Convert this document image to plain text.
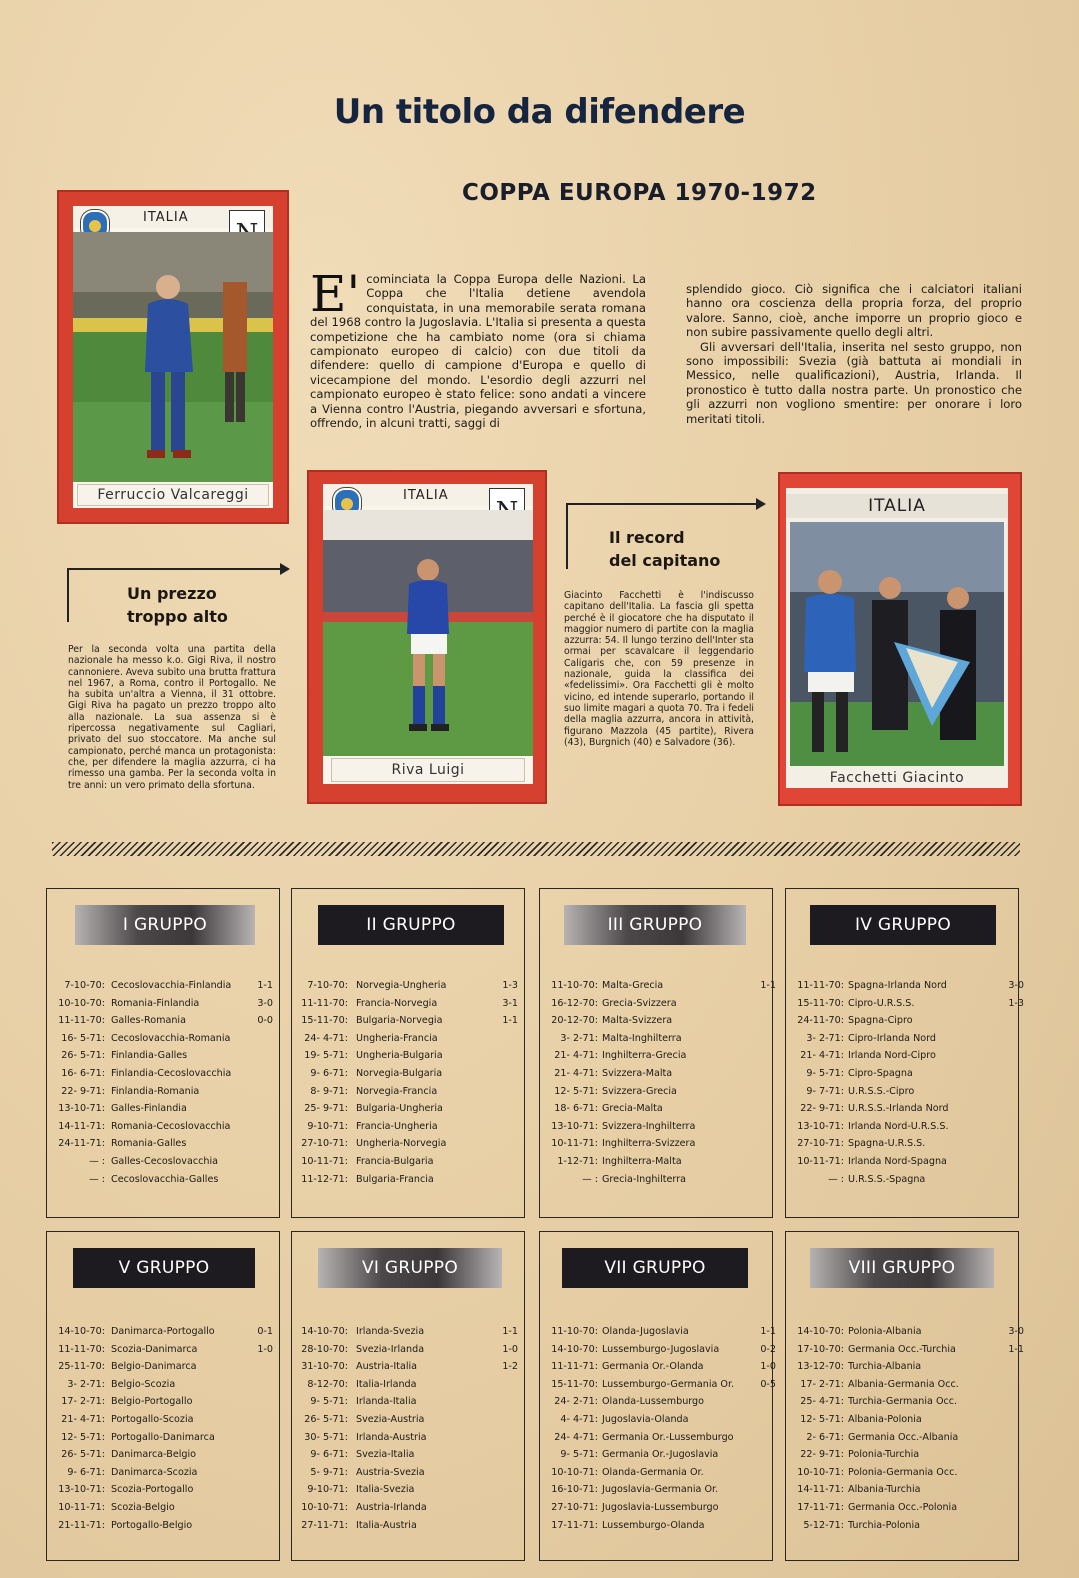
Un titolo da difendere
COPPA EUROPA 1970-1972
ITALIA
Ferruccio Valcareggi
E' cominciata la Coppa Europa delle Nazioni. La Coppa che l'Italia detiene avendola conquistata, in una memorabile serata romana del 1968 contro la Jugoslavia. L'Italia si presenta a questa competizione che ha cambiato nome (ora si chiama campionato europeo di calcio) con due titoli da difendere: quello di campione d'Europa e quello di vicecampione del mondo. L'esordio degli azzurri nel campionato europeo è stato felice: sono andati a vincere a Vienna contro l'Austria, piegando avversari e sfortuna, offrendo, in alcuni tratti, saggi di
splendido gioco. Ciò significa che i calciatori italiani hanno ora coscienza della propria forza, del proprio valore. Sanno, cioè, anche imporre un proprio gioco e non subire passivamente quello degli altri.
Gli avversari dell'Italia, inserita nel sesto gruppo, non sono impossibili: Svezia (già battuta ai mondiali in Messico, nelle qualificazioni), Austria, Irlanda. Il pronostico è tutto dalla nostra parte. Un pronostico che gli azzurri non vogliono smentire: per onorare i loro meritati titoli.
ITALIA
Riva Luigi
ITALIA
Facchetti Giacinto
Un prezzo
troppo alto
Per la seconda volta una partita della nazionale ha messo k.o. Gigi Riva, il nostro cannoniere. Aveva subito una brutta frattura nel 1967, a Roma, contro il Portogallo. Ne ha subita un'altra a Vienna, il 31 ottobre. Gigi Riva ha pagato un prezzo troppo alto alla nazionale. La sua assenza si è ripercossa negativamente sul Cagliari, privato del suo stoccatore. Ma anche sul campionato, perché manca un protagonista: che, per difendere la maglia azzurra, ci ha rimesso una gamba. Per la seconda volta in tre anni: un vero primato della sfortuna.
Il record
del capitano
Giacinto Facchetti è l'indiscusso capitano dell'Italia. La fascia gli spetta perché è il giocatore che ha disputato il maggior numero di partite con la maglia azzurra: 54. Il lungo terzino dell'Inter sta ormai per scavalcare il leggendario Caligaris che, con 59 presenze in nazionale, guida la classifica dei «fedelissimi». Ora Facchetti gli è molto vicino, ed intende superarlo, portando il suo limite magari a quota 70. Tra i fedeli della maglia azzurra, ancora in attività, figurano Mazzola (45 partite), Rivera (43), Burgnich (40) e Salvadore (36).
I GRUPPO
7-10-70: Cecoslovacchia-Finlandia	1-1
10-10-70: Romania-Finlandia	3-0
11-11-70: Galles-Romania	0-0
16- 5-71: Cecoslovacchia-Romania
26- 5-71: Finlandia-Galles
16- 6-71: Finlandia-Cecoslovacchia
22- 9-71: Finlandia-Romania
13-10-71: Galles-Finlandia
14-11-71: Romania-Cecoslovacchia
24-11-71: Romania-Galles
— : Galles-Cecoslovacchia
— : Cecoslovacchia-Galles
II GRUPPO
7-10-70: Norvegia-Ungheria	1-3
11-11-70: Francia-Norvegia	3-1
15-11-70: Bulgaria-Norvegia	1-1
24- 4-71: Ungheria-Francia
19- 5-71: Ungheria-Bulgaria
9- 6-71: Norvegia-Bulgaria
8- 9-71: Norvegia-Francia
25- 9-71: Bulgaria-Ungheria
9-10-71: Francia-Ungheria
27-10-71: Ungheria-Norvegia
10-11-71: Francia-Bulgaria
11-12-71: Bulgaria-Francia
III GRUPPO
11-10-70: Malta-Grecia	1-1
16-12-70: Grecia-Svizzera
20-12-70: Malta-Svizzera
3- 2-71: Malta-Inghilterra
21- 4-71: Inghilterra-Grecia
21- 4-71: Svizzera-Malta
12- 5-71: Svizzera-Grecia
18- 6-71: Grecia-Malta
13-10-71: Svizzera-Inghilterra
10-11-71: Inghilterra-Svizzera
1-12-71: Inghilterra-Malta
— : Grecia-Inghilterra
IV GRUPPO
11-11-70: Spagna-Irlanda Nord	3-0
15-11-70: Cipro-U.R.S.S.	1-3
24-11-70: Spagna-Cipro
3- 2-71: Cipro-Irlanda Nord
21- 4-71: Irlanda Nord-Cipro
9- 5-71: Cipro-Spagna
9- 7-71: U.R.S.S.-Cipro
22- 9-71: U.R.S.S.-Irlanda Nord
13-10-71: Irlanda Nord-U.R.S.S.
27-10-71: Spagna-U.R.S.S.
10-11-71: Irlanda Nord-Spagna
— : U.R.S.S.-Spagna
V GRUPPO
14-10-70: Danimarca-Portogallo	0-1
11-11-70: Scozia-Danimarca	1-0
25-11-70: Belgio-Danimarca
3- 2-71: Belgio-Scozia
17- 2-71: Belgio-Portogallo
21- 4-71: Portogallo-Scozia
12- 5-71: Portogallo-Danimarca
26- 5-71: Danimarca-Belgio
9- 6-71: Danimarca-Scozia
13-10-71: Scozia-Portogallo
10-11-71: Scozia-Belgio
21-11-71: Portogallo-Belgio
VI GRUPPO
14-10-70: Irlanda-Svezia	1-1
28-10-70: Svezia-Irlanda	1-0
31-10-70: Austria-Italia	1-2
8-12-70: Italia-Irlanda
9- 5-71: Irlanda-Italia
26- 5-71: Svezia-Austria
30- 5-71: Irlanda-Austria
9- 6-71: Svezia-Italia
5- 9-71: Austria-Svezia
9-10-71: Italia-Svezia
10-10-71: Austria-Irlanda
27-11-71: Italia-Austria
VII GRUPPO
11-10-70: Olanda-Jugoslavia	1-1
14-10-70: Lussemburgo-Jugoslavia	0-2
11-11-71: Germania Or.-Olanda	1-0
15-11-70: Lussemburgo-Germania Or.	0-5
24- 2-71: Olanda-Lussemburgo
4- 4-71: Jugoslavia-Olanda
24- 4-71: Germania Or.-Lussemburgo
9- 5-71: Germania Or.-Jugoslavia
10-10-71: Olanda-Germania Or.
16-10-71: Jugoslavia-Germania Or.
27-10-71: Jugoslavia-Lussemburgo
17-11-71: Lussemburgo-Olanda
VIII GRUPPO
14-10-70: Polonia-Albania	3-0
17-10-70: Germania Occ.-Turchia	1-1
13-12-70: Turchia-Albania
17- 2-71: Albania-Germania Occ.
25- 4-71: Turchia-Germania Occ.
12- 5-71: Albania-Polonia
2- 6-71: Germania Occ.-Albania
22- 9-71: Polonia-Turchia
10-10-71: Polonia-Germania Occ.
14-11-71: Albania-Turchia
17-11-71: Germania Occ.-Polonia
5-12-71: Turchia-Polonia
